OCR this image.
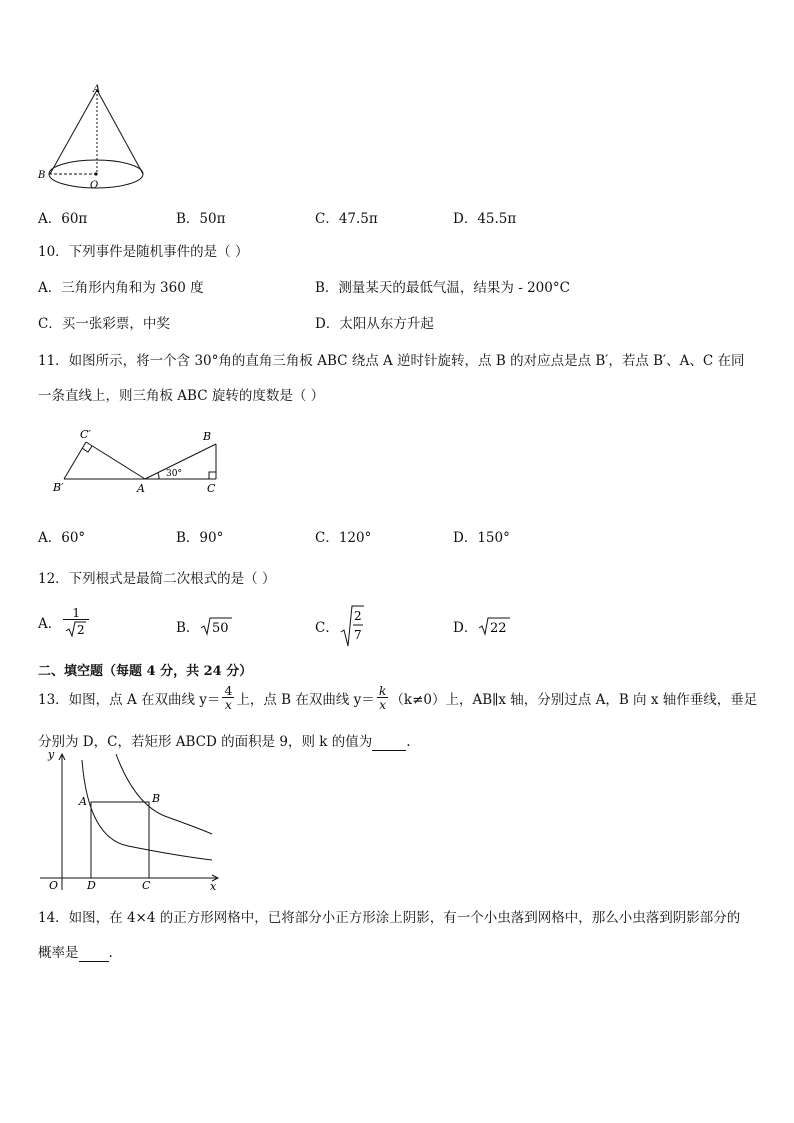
A
B
O
A．60π	B．50π	C．47.5π	D．45.5π
10．下列事件是随机事件的是（ ）
A．三角形内角和为 360 度	B．测量某天的最低气温，结果为 - 200°C
C．买一张彩票，中奖	D．太阳从东方升起
11．如图所示，将一个含 30°角的直角三角板 ABC 绕点 A 逆时针旋转，点 B 的对应点是点 B′，若点 B′、A、C 在同
一条直线上，则三角板 ABC 旋转的度数是（ ）
C′	B
B′	A	C
30°
A．60°	B．90°	C．120°	D．150°
12．下列根式是最简二次根式的是（ ）
A． $\frac{1}{2}$	B． 50	C．
2
7	D． 22
二、填空题（每题 4 分，共 24 分）
13．如图，点 A 在双曲线 $y= \frac{4}{x}$ 上，点 B 在双曲线 $y= \frac{k}{x} (k\ne 0)$上，AB∥x 轴，分别过点 A，B 向 x 轴作垂线，垂足
分别为 D，C，若矩形 ABCD 的面积是 9，则 k 的值为	.
y
x
O
A	B
D	C
14．如图，在 4×4 的正方形网格中，已将部分小正方形涂上阴影，有一个小虫落到网格中，那么小虫落到阴影部分的
概率是 .
